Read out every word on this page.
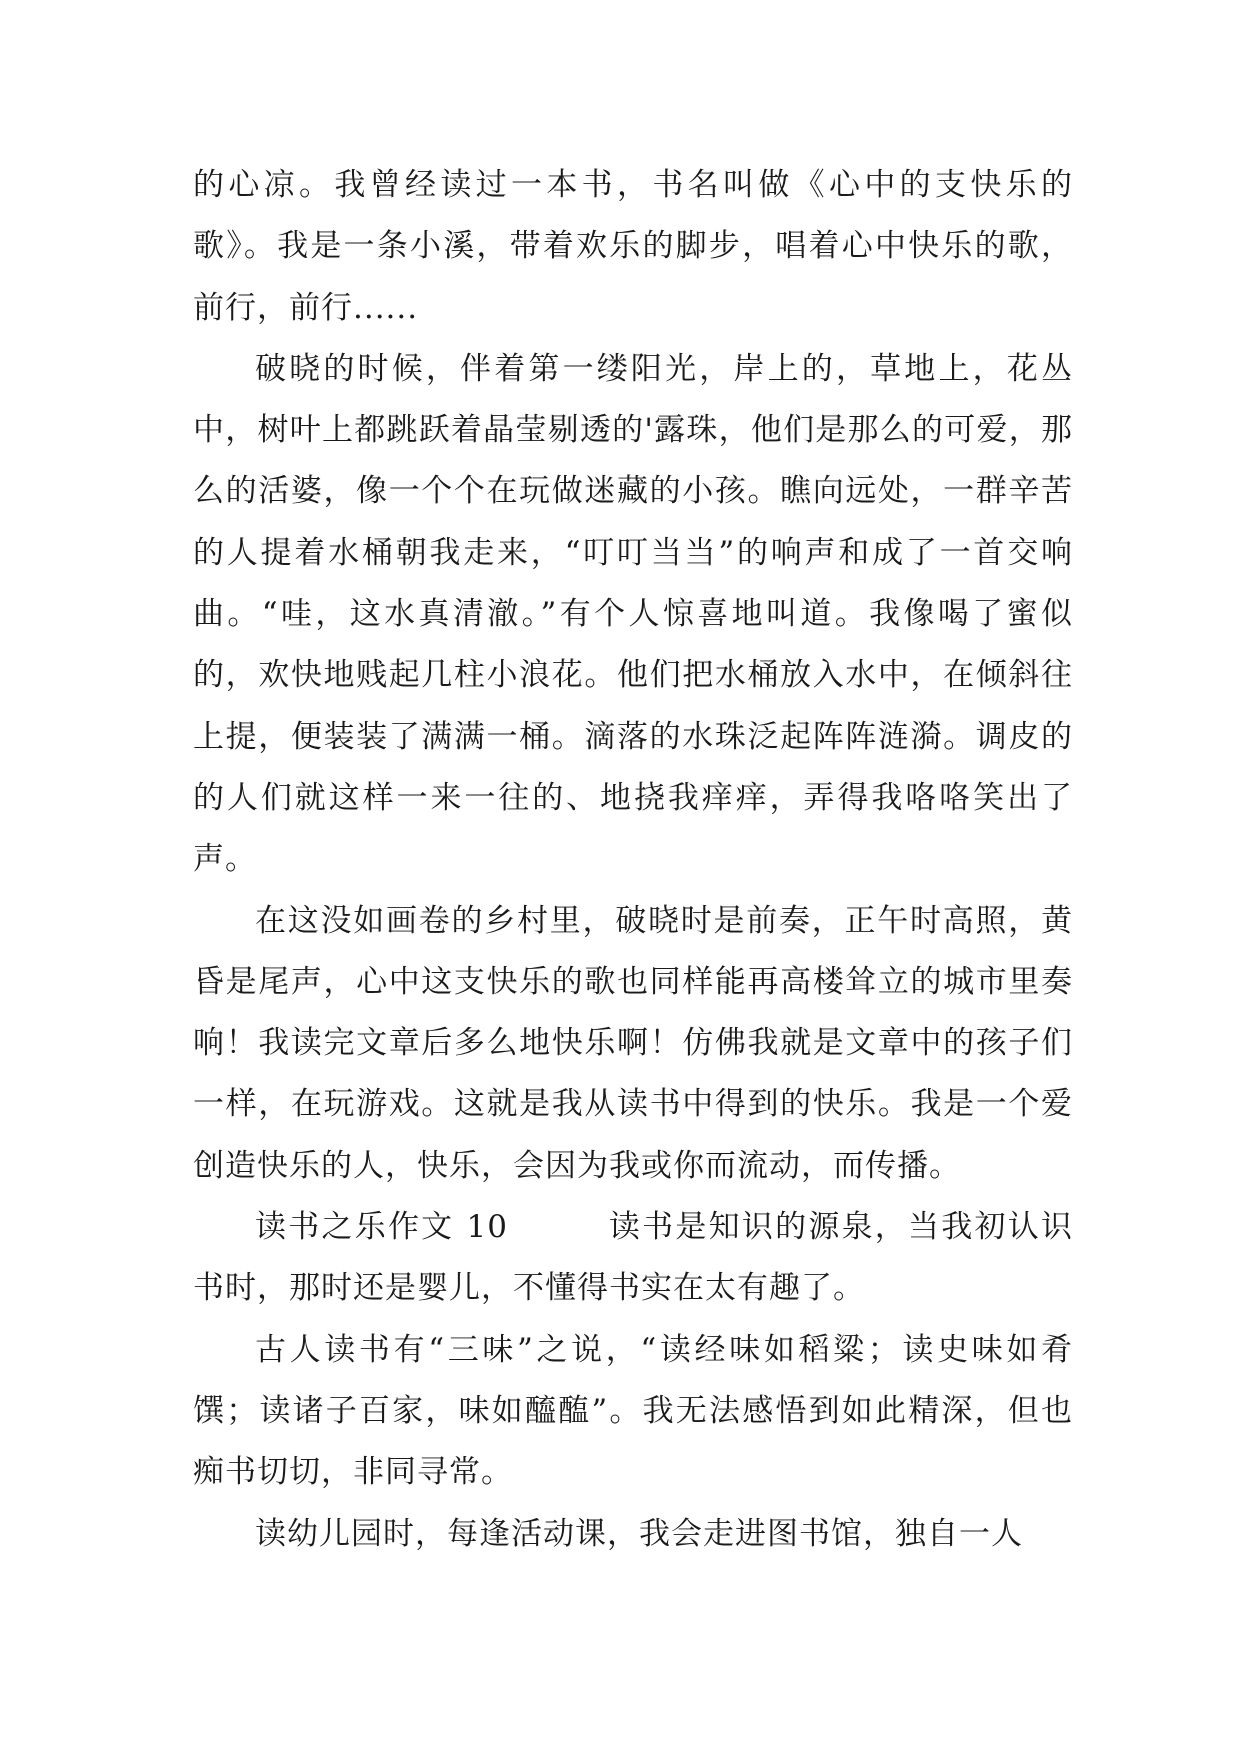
的心凉。我曾经读过一本书，书名叫做《心中的支快乐的歌》。我是一条小溪，带着欢乐的脚步，唱着心中快乐的歌，前行，前行......

破晓的时候，伴着第一缕阳光，岸上的，草地上，花丛中，树叶上都跳跃着晶莹剔透的'露珠，他们是那么的可爱，那么的活婆，像一个个在玩做迷藏的小孩。瞧向远处，一群辛苦的人提着水桶朝我走来，“叮叮当当”的响声和成了一首交响曲。“哇，这水真清澈。”有个人惊喜地叫道。我像喝了蜜似的，欢快地贱起几柱小浪花。他们把水桶放入水中，在倾斜往上提，便装装了满满一桶。滴落的水珠泛起阵阵涟漪。调皮的的人们就这样一来一往的、地挠我痒痒，弄得我咯咯笑出了声。

在这没如画卷的乡村里，破晓时是前奏，正午时高照，黄昏是尾声，心中这支快乐的歌也同样能再高楼耸立的城市里奏响！我读完文章后多么地快乐啊！仿佛我就是文章中的孩子们一样，在玩游戏。这就是我从读书中得到的快乐。我是一个爱创造快乐的人，快乐，会因为我或你而流动，而传播。

读书之乐作文 10　　　读书是知识的源泉，当我初认识书时，那时还是婴儿，不懂得书实在太有趣了。

古人读书有“三味”之说，“读经味如稻粱；读史味如肴馔；读诸子百家，味如醯醢”。我无法感悟到如此精深，但也痴书切切，非同寻常。

读幼儿园时，每逢活动课，我会走进图书馆，独自一人
